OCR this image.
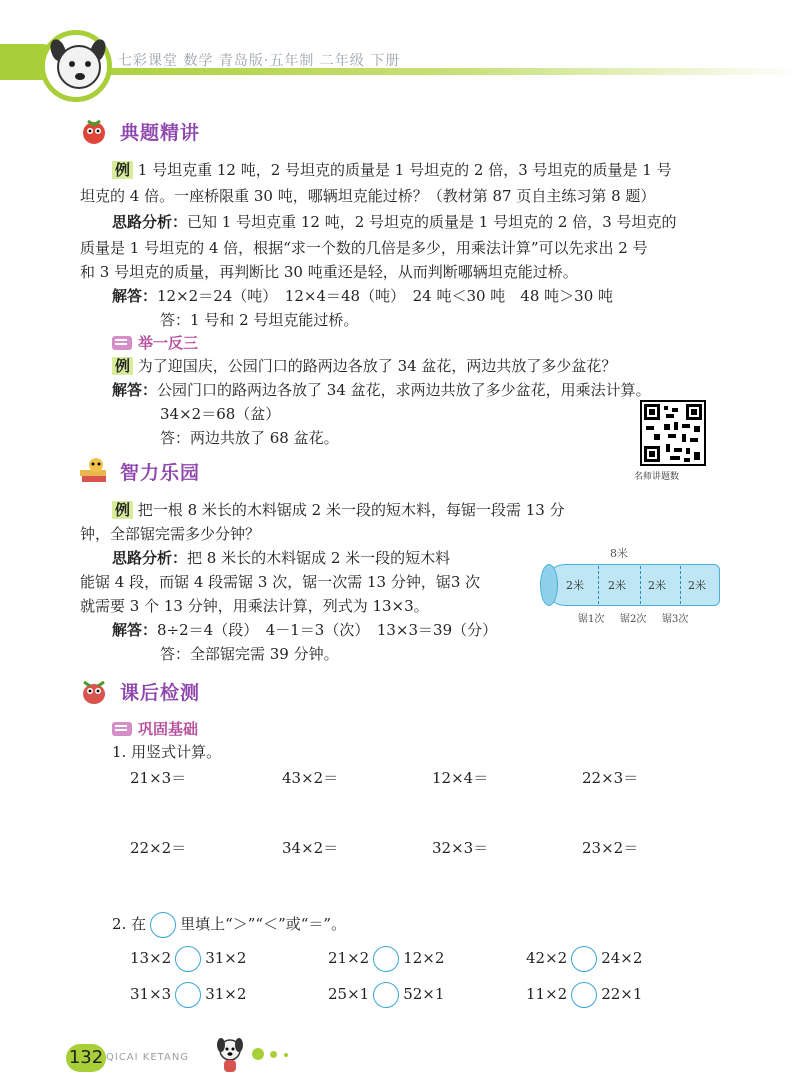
七彩课堂 数学 青岛版·五年制 二年级 下册
典题精讲
例 1 号坦克重 12 吨，2 号坦克的质量是 1 号坦克的 2 倍，3 号坦克的质量是 1 号
坦克的 4 倍。一座桥限重 30 吨，哪辆坦克能过桥？（教材第 87 页自主练习第 8 题）
思路分析：已知 1 号坦克重 12 吨，2 号坦克的质量是 1 号坦克的 2 倍，3 号坦克的
质量是 1 号坦克的 4 倍，根据“求一个数的几倍是多少，用乘法计算”可以先求出 2 号
和 3 号坦克的质量，再判断比 30 吨重还是轻，从而判断哪辆坦克能过桥。
解答：12×2＝24（吨）　12×4＝48（吨）　24 吨＜30 吨　48 吨＞30 吨
答：1 号和 2 号坦克能过桥。
举一反三
例 为了迎国庆，公园门口的路两边各放了 34 盆花，两边共放了多少盆花？
解答：公园门口的路两边各放了 34 盆花，求两边共放了多少盆花，用乘法计算。
34×2＝68（盆）
答：两边共放了 68 盆花。
名师讲题数
智力乐园
例 把一根 8 米长的木料锯成 2 米一段的短木料，每锯一段需 13 分
钟，全部锯完需多少分钟？
思路分析：把 8 米长的木料锯成 2 米一段的短木料
能锯 4 段，而锯 4 段需锯 3 次，锯一次需 13 分钟，锯3 次
就需要 3 个 13 分钟，用乘法计算，列式为 13×3。
解答：8÷2＝4（段）　4－1＝3（次）　13×3＝39（分）
答：全部锯完需 39 分钟。
8米
2米 2米 2米 2米
锯1次 锯2次 锯3次
课后检测
巩固基础
1. 用竖式计算。
21×3＝	43×2＝	12×4＝	22×3＝
22×2＝	34×2＝	32×3＝	23×2＝
2. 在 里填上“＞”“＜”或“＝”。
13×2 31×2	21×2 12×2	42×2 24×2
31×3 31×2	25×1 52×1	11×2 22×1
132 QICAI KETANG
